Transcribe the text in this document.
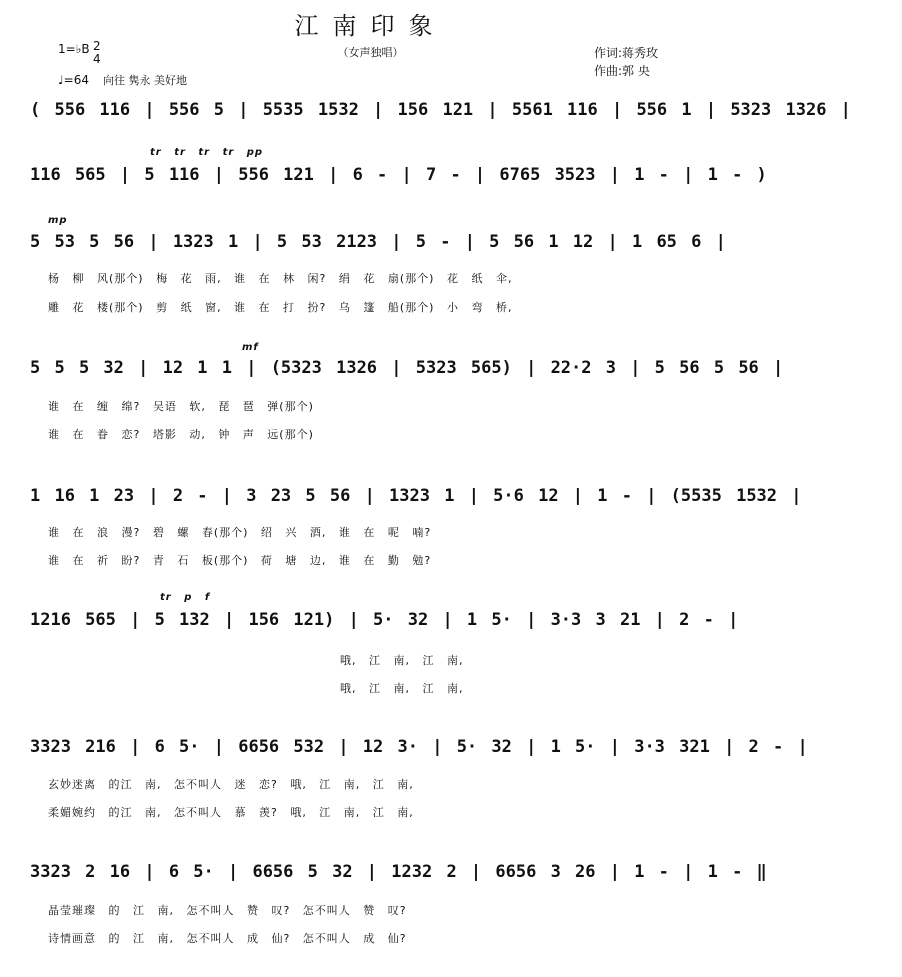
江南印象
（女声独唱）	作词:蒋秀玫
作曲:郭 央
1=♭B 2
4
♩=64 向往 隽永 美好地
( 556 116 | 556 5 | 5535 1532 | 156 121 | 5561 116 | 556 1 | 5323 1326 |
tr tr tr tr pp
116 565 | 5 116 | 556 121 | 6 - | 7 - | 6765 3523 | 1 - | 1 - )
mp
5 53 5 56 | 1323 1 | 5 53 2123 | 5 - | 5 56 1 12 | 1 65 6 |
杨 柳 风(那个) 梅 花 雨, 谁 在 林 闲? 绢 花 扇(那个) 花 纸 伞,
雕 花 楼(那个) 剪 纸 窗, 谁 在 打 扮? 乌 篷 船(那个) 小 弯 桥,
mf
5 5 5 32 | 12 1 1 | (5323 1326 | 5323 565) | 22·2 3 | 5 56 5 56 |
谁 在 缠 绵? 吴语 软, 琵 琶 弹(那个)
谁 在 眷 恋? 塔影 动, 钟 声 远(那个)
1 16 1 23 | 2 - | 3 23 5 56 | 1323 1 | 5·6 12 | 1 - | (5535 1532 |
谁 在 浪 漫? 碧 螺 春(那个) 绍 兴 酒, 谁 在 呢 喃?
谁 在 祈 盼? 青 石 板(那个) 荷 塘 边, 谁 在 勤 勉?
tr p f
1216 565 | 5 132 | 156 121) | 5· 32 | 1 5· | 3·3 3 21 | 2 - |
哦, 江 南, 江 南,
哦, 江 南, 江 南,
3323 216 | 6 5· | 6656 532 | 12 3· | 5· 32 | 1 5· | 3·3 321 | 2 - |
玄妙迷离 的江 南, 怎不叫人 迷 恋? 哦, 江 南, 江 南,
柔媚婉约 的江 南, 怎不叫人 慕 羡? 哦, 江 南, 江 南,
3323 2 16 | 6 5· | 6656 5 32 | 1232 2 | 6656 3 26 | 1 - | 1 - ‖
晶莹璀璨 的 江 南, 怎不叫人 赞 叹? 怎不叫人 赞 叹?
诗情画意 的 江 南, 怎不叫人 成 仙? 怎不叫人 成 仙?
